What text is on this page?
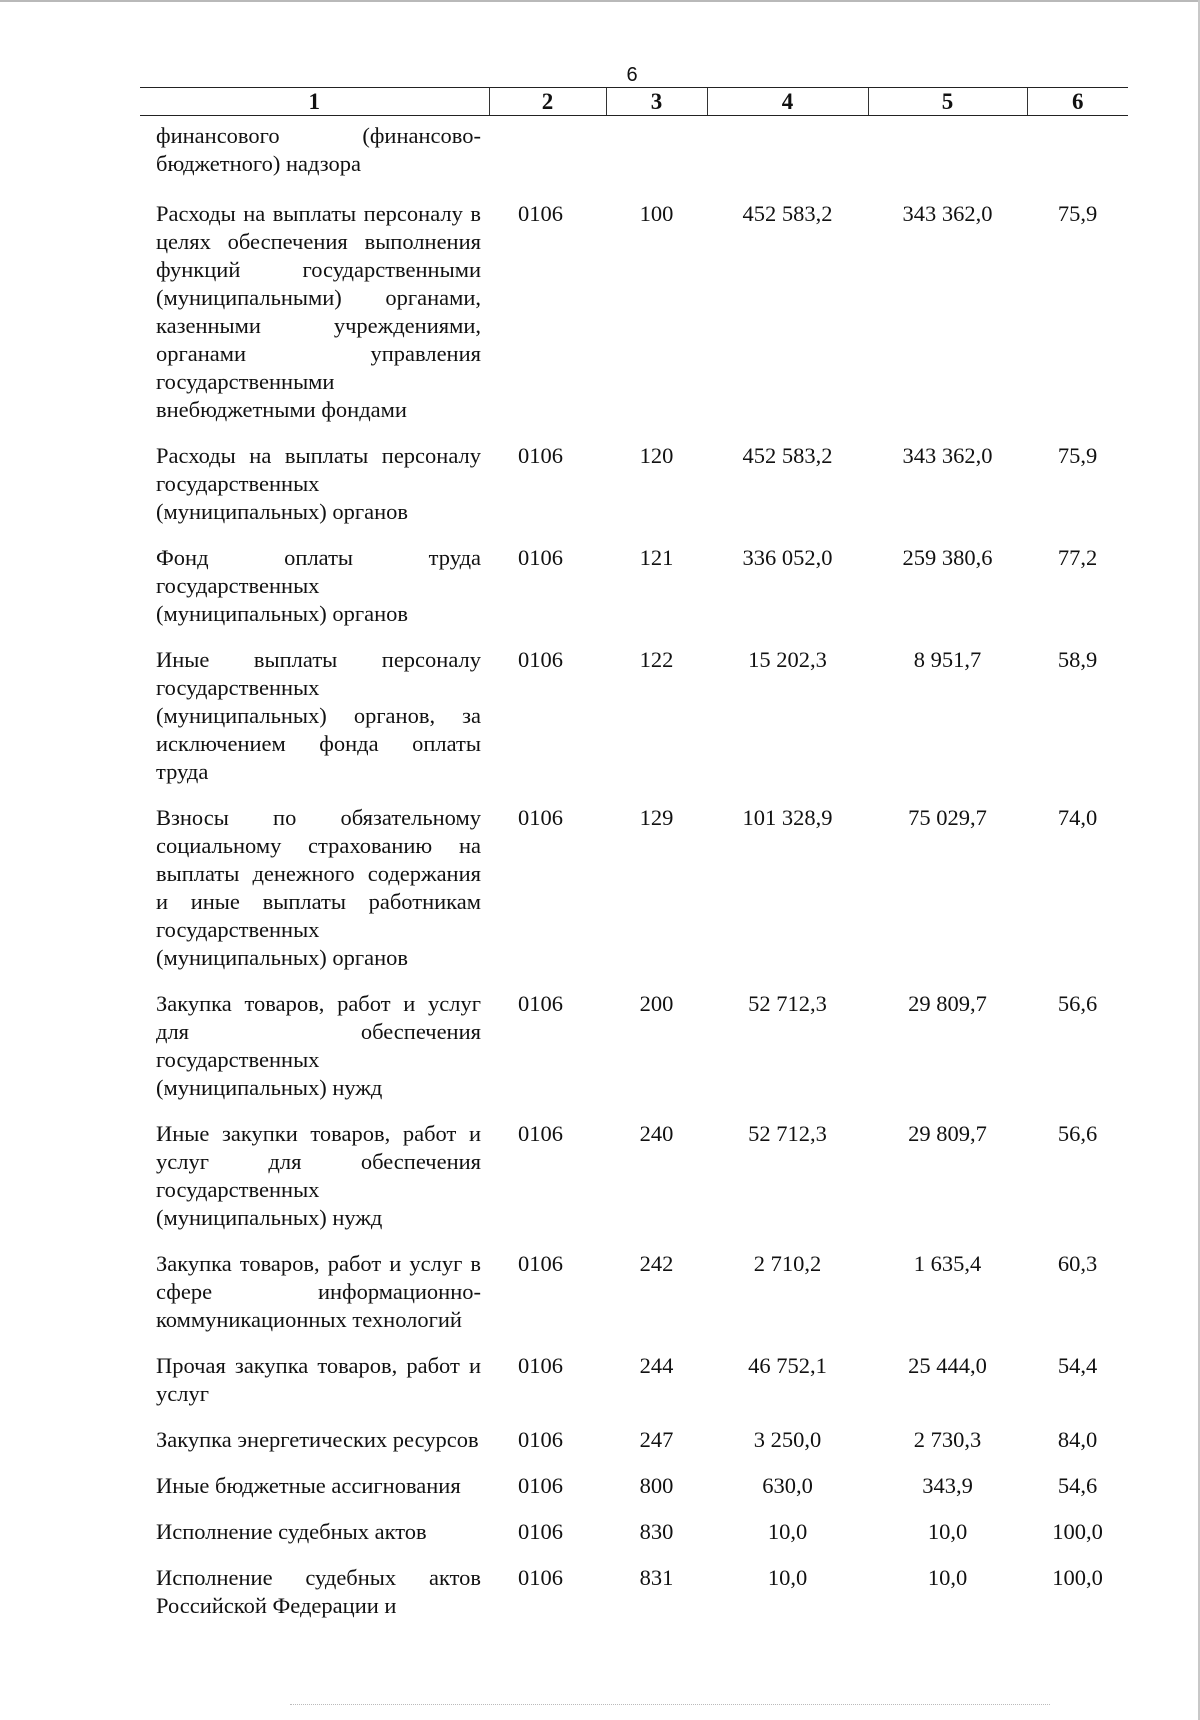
6
1	2	3	4	5	6
финансового (финансово-бюджетного) надзора					
Расходы на выплаты персоналу в целях обеспечения выполнения функций государственными (муниципальными) органами, казенными учреждениями, органами управления государственными внебюджетными фондами	0106	100	452 583,2	343 362,0	75,9
Расходы на выплаты персоналу государственных (муниципальных) органов	0106	120	452 583,2	343 362,0	75,9
Фонд оплаты труда государственных (муниципальных) органов	0106	121	336 052,0	259 380,6	77,2
Иные выплаты персоналу государственных (муниципальных) органов, за исключением фонда оплаты труда	0106	122	15 202,3	8 951,7	58,9
Взносы по обязательному социальному страхованию на выплаты денежного содержания и иные выплаты работникам государственных (муниципальных) органов	0106	129	101 328,9	75 029,7	74,0
Закупка товаров, работ и услуг для обеспечения государственных (муниципальных) нужд	0106	200	52 712,3	29 809,7	56,6
Иные закупки товаров, работ и услуг для обеспечения государственных (муниципальных) нужд	0106	240	52 712,3	29 809,7	56,6
Закупка товаров, работ и услуг в сфере информационно-коммуникационных технологий	0106	242	2 710,2	1 635,4	60,3
Прочая закупка товаров, работ и услуг	0106	244	46 752,1	25 444,0	54,4
Закупка энергетических ресурсов	0106	247	3 250,0	2 730,3	84,0
Иные бюджетные ассигнования	0106	800	630,0	343,9	54,6
Исполнение судебных актов	0106	830	10,0	10,0	100,0
Исполнение судебных актов Российской Федерации и	0106	831	10,0	10,0	100,0
